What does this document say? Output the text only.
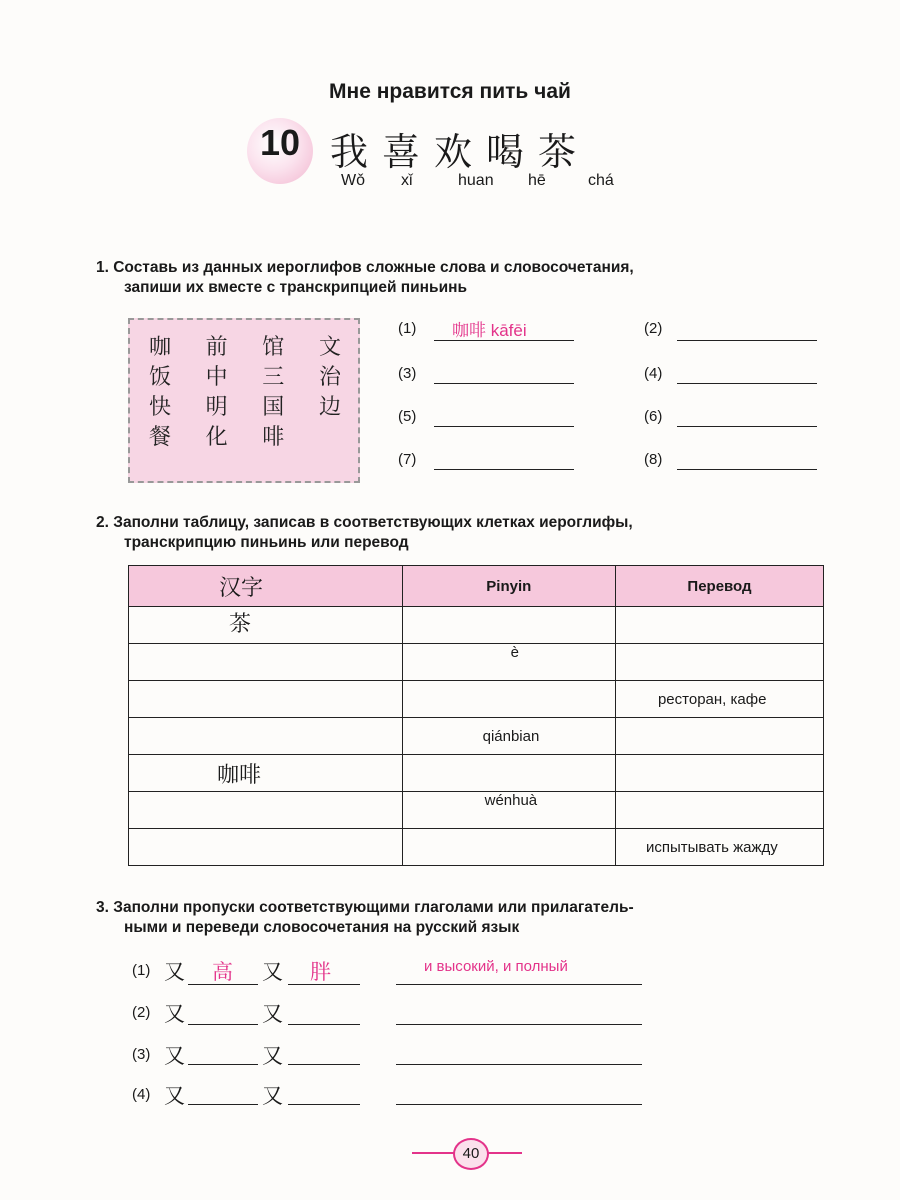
Мне нравится пить чай
10 我喜欢喝茶
Wǒ xǐ	huan hē	chá
1. Составь из данных иероглифов сложные слова и словосочетания,
запиши их вместе с транскрипцией пиньинь
咖	前	馆	文
饭	中	三	治
快	明	国	边
餐	化	啡
(1) 咖啡 kāfēi	(2)
(3)	(4)
(5)	(6)
(7)	(8)
2. Заполни таблицу, записав в соответствующих клетках иероглифы,
транскрипцию пиньинь или перевод
汉字	Pinyin	Перевод
茶		
	è	
		ресторан, кафе
	qiánbian	
咖啡		
	wénhuà	
		испытывать жажду
3. Заполни пропуски соответствующими глаголами или прилагатель-
ными и переведи словосочетания на русский язык
(1) 又 高 又 胖	и высокий, и полный
(2) 又	又
(3) 又	又
(4) 又	又
40
